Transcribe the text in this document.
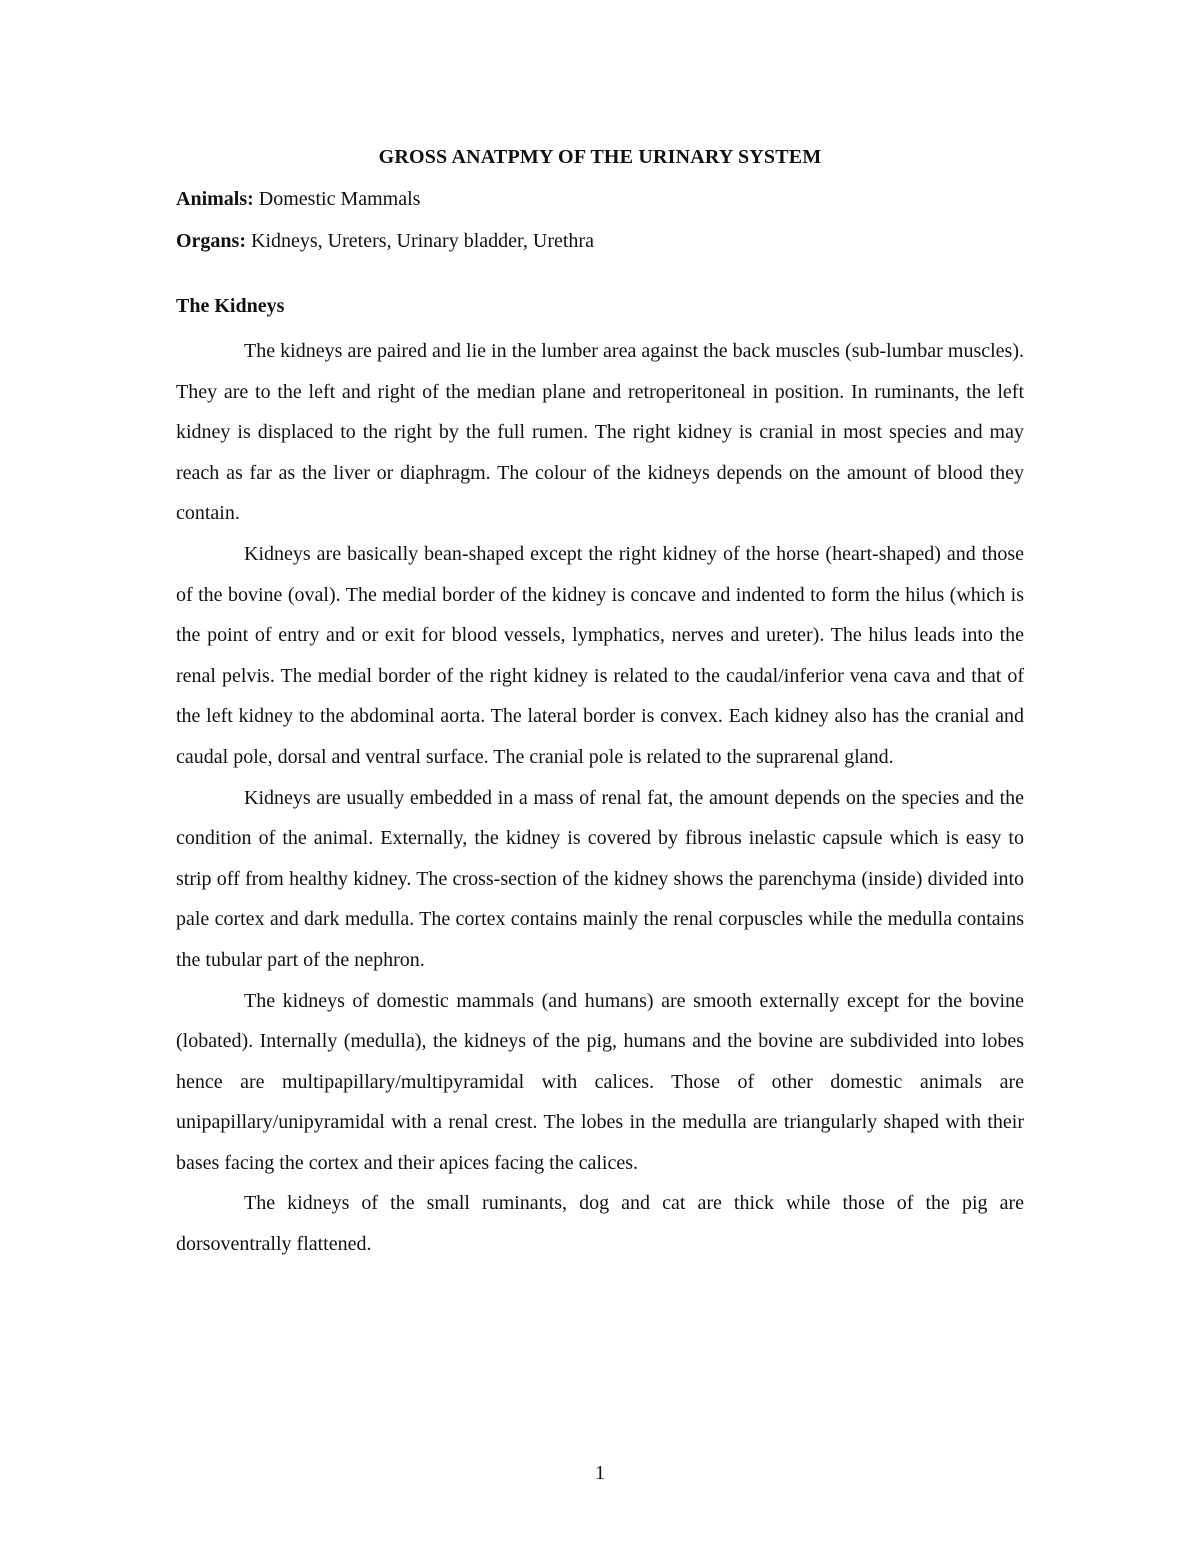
GROSS ANATPMY OF THE URINARY SYSTEM
Animals: Domestic Mammals
Organs: Kidneys, Ureters, Urinary bladder, Urethra
The Kidneys

The kidneys are paired and lie in the lumber area against the back muscles (sub-lumbar muscles). They are to the left and right of the median plane and retroperitoneal in position. In ruminants, the left kidney is displaced to the right by the full rumen. The right kidney is cranial in most species and may reach as far as the liver or diaphragm. The colour of the kidneys depends on the amount of blood they contain.

Kidneys are basically bean-shaped except the right kidney of the horse (heart-shaped) and those of the bovine (oval). The medial border of the kidney is concave and indented to form the hilus (which is the point of entry and or exit for blood vessels, lymphatics, nerves and ureter). The hilus leads into the renal pelvis. The medial border of the right kidney is related to the caudal/inferior vena cava and that of the left kidney to the abdominal aorta. The lateral border is convex. Each kidney also has the cranial and caudal pole, dorsal and ventral surface. The cranial pole is related to the suprarenal gland.

Kidneys are usually embedded in a mass of renal fat, the amount depends on the species and the condition of the animal. Externally, the kidney is covered by fibrous inelastic capsule which is easy to strip off from healthy kidney. The cross-section of the kidney shows the parenchyma (inside) divided into pale cortex and dark medulla. The cortex contains mainly the renal corpuscles while the medulla contains the tubular part of the nephron.

The kidneys of domestic mammals (and humans) are smooth externally except for the bovine (lobated). Internally (medulla), the kidneys of the pig, humans and the bovine are subdivided into lobes hence are multipapillary/multipyramidal with calices. Those of other domestic animals are unipapillary/unipyramidal with a renal crest. The lobes in the medulla are triangularly shaped with their bases facing the cortex and their apices facing the calices.

The kidneys of the small ruminants, dog and cat are thick while those of the pig are dorsoventrally flattened.

1
